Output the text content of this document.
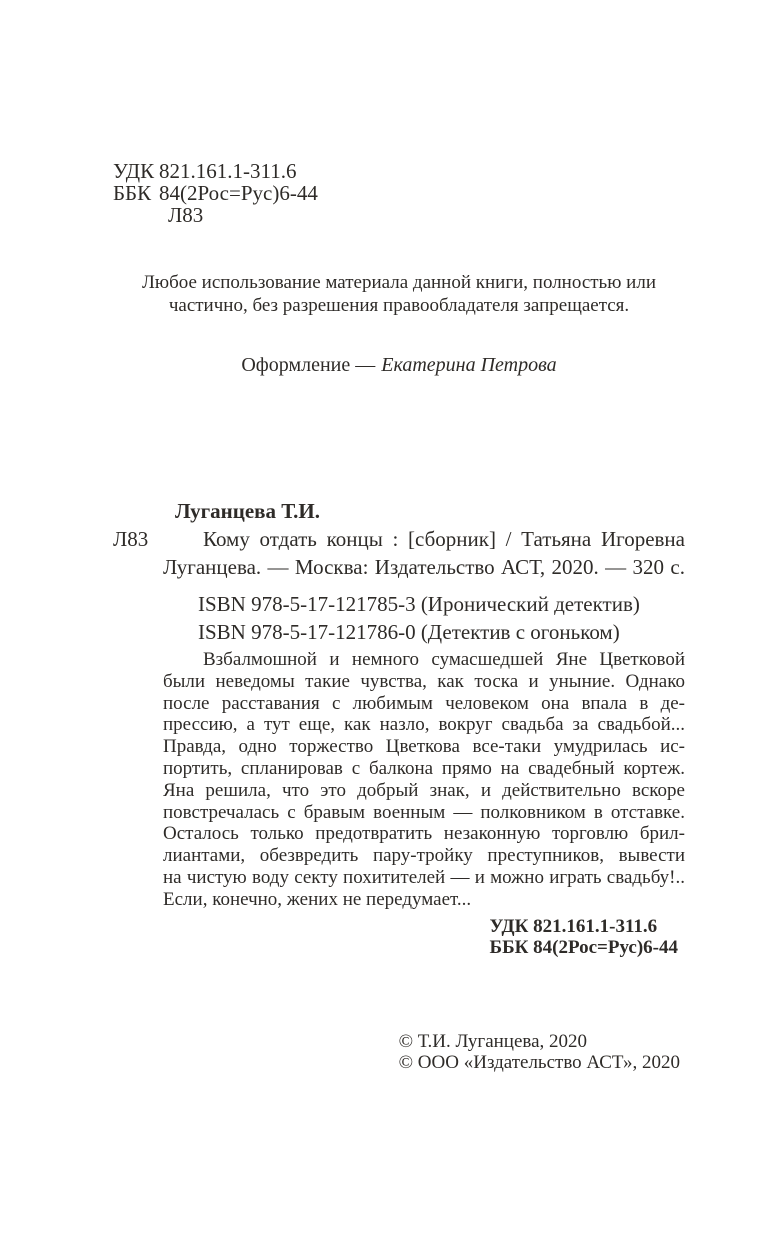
УДК 821.161.1-311.6
ББК 84(2Рос=Рус)6-44
Л83
Любое использование материала данной книги, полностью или
частично, без разрешения правообладателя запрещается.
Оформление — Екатерина Петрова
Луганцева Т.И.
Л83	Кому отдать концы : [сборник] / Татьяна Игоревна
Луганцева. — Москва: Издательство АСТ, 2020. — 320 с.
ISBN 978-5-17-121785-3 (Иронический детектив)
ISBN 978-5-17-121786-0 (Детектив с огоньком)
Взбалмошной и немного сумасшедшей Яне Цветковой
были неведомы такие чувства, как тоска и уныние. Однако
после расставания с любимым человеком она впала в де-
прессию, а тут еще, как назло, вокруг свадьба за свадьбой...
Правда, одно торжество Цветкова все-таки умудрилась ис-
портить, спланировав с балкона прямо на свадебный кортеж.
Яна решила, что это добрый знак, и действительно вскоре
повстречалась с бравым военным — полковником в отставке.
Осталось только предотвратить незаконную торговлю брил-
лиантами, обезвредить пару-тройку преступников, вывести
на чистую воду секту похитителей — и можно играть свадьбу!..
Если, конечно, жених не передумает...
УДК 821.161.1-311.6
ББК 84(2Рос=Рус)6-44
© Т.И. Луганцева, 2020
© ООО «Издательство АСТ», 2020
